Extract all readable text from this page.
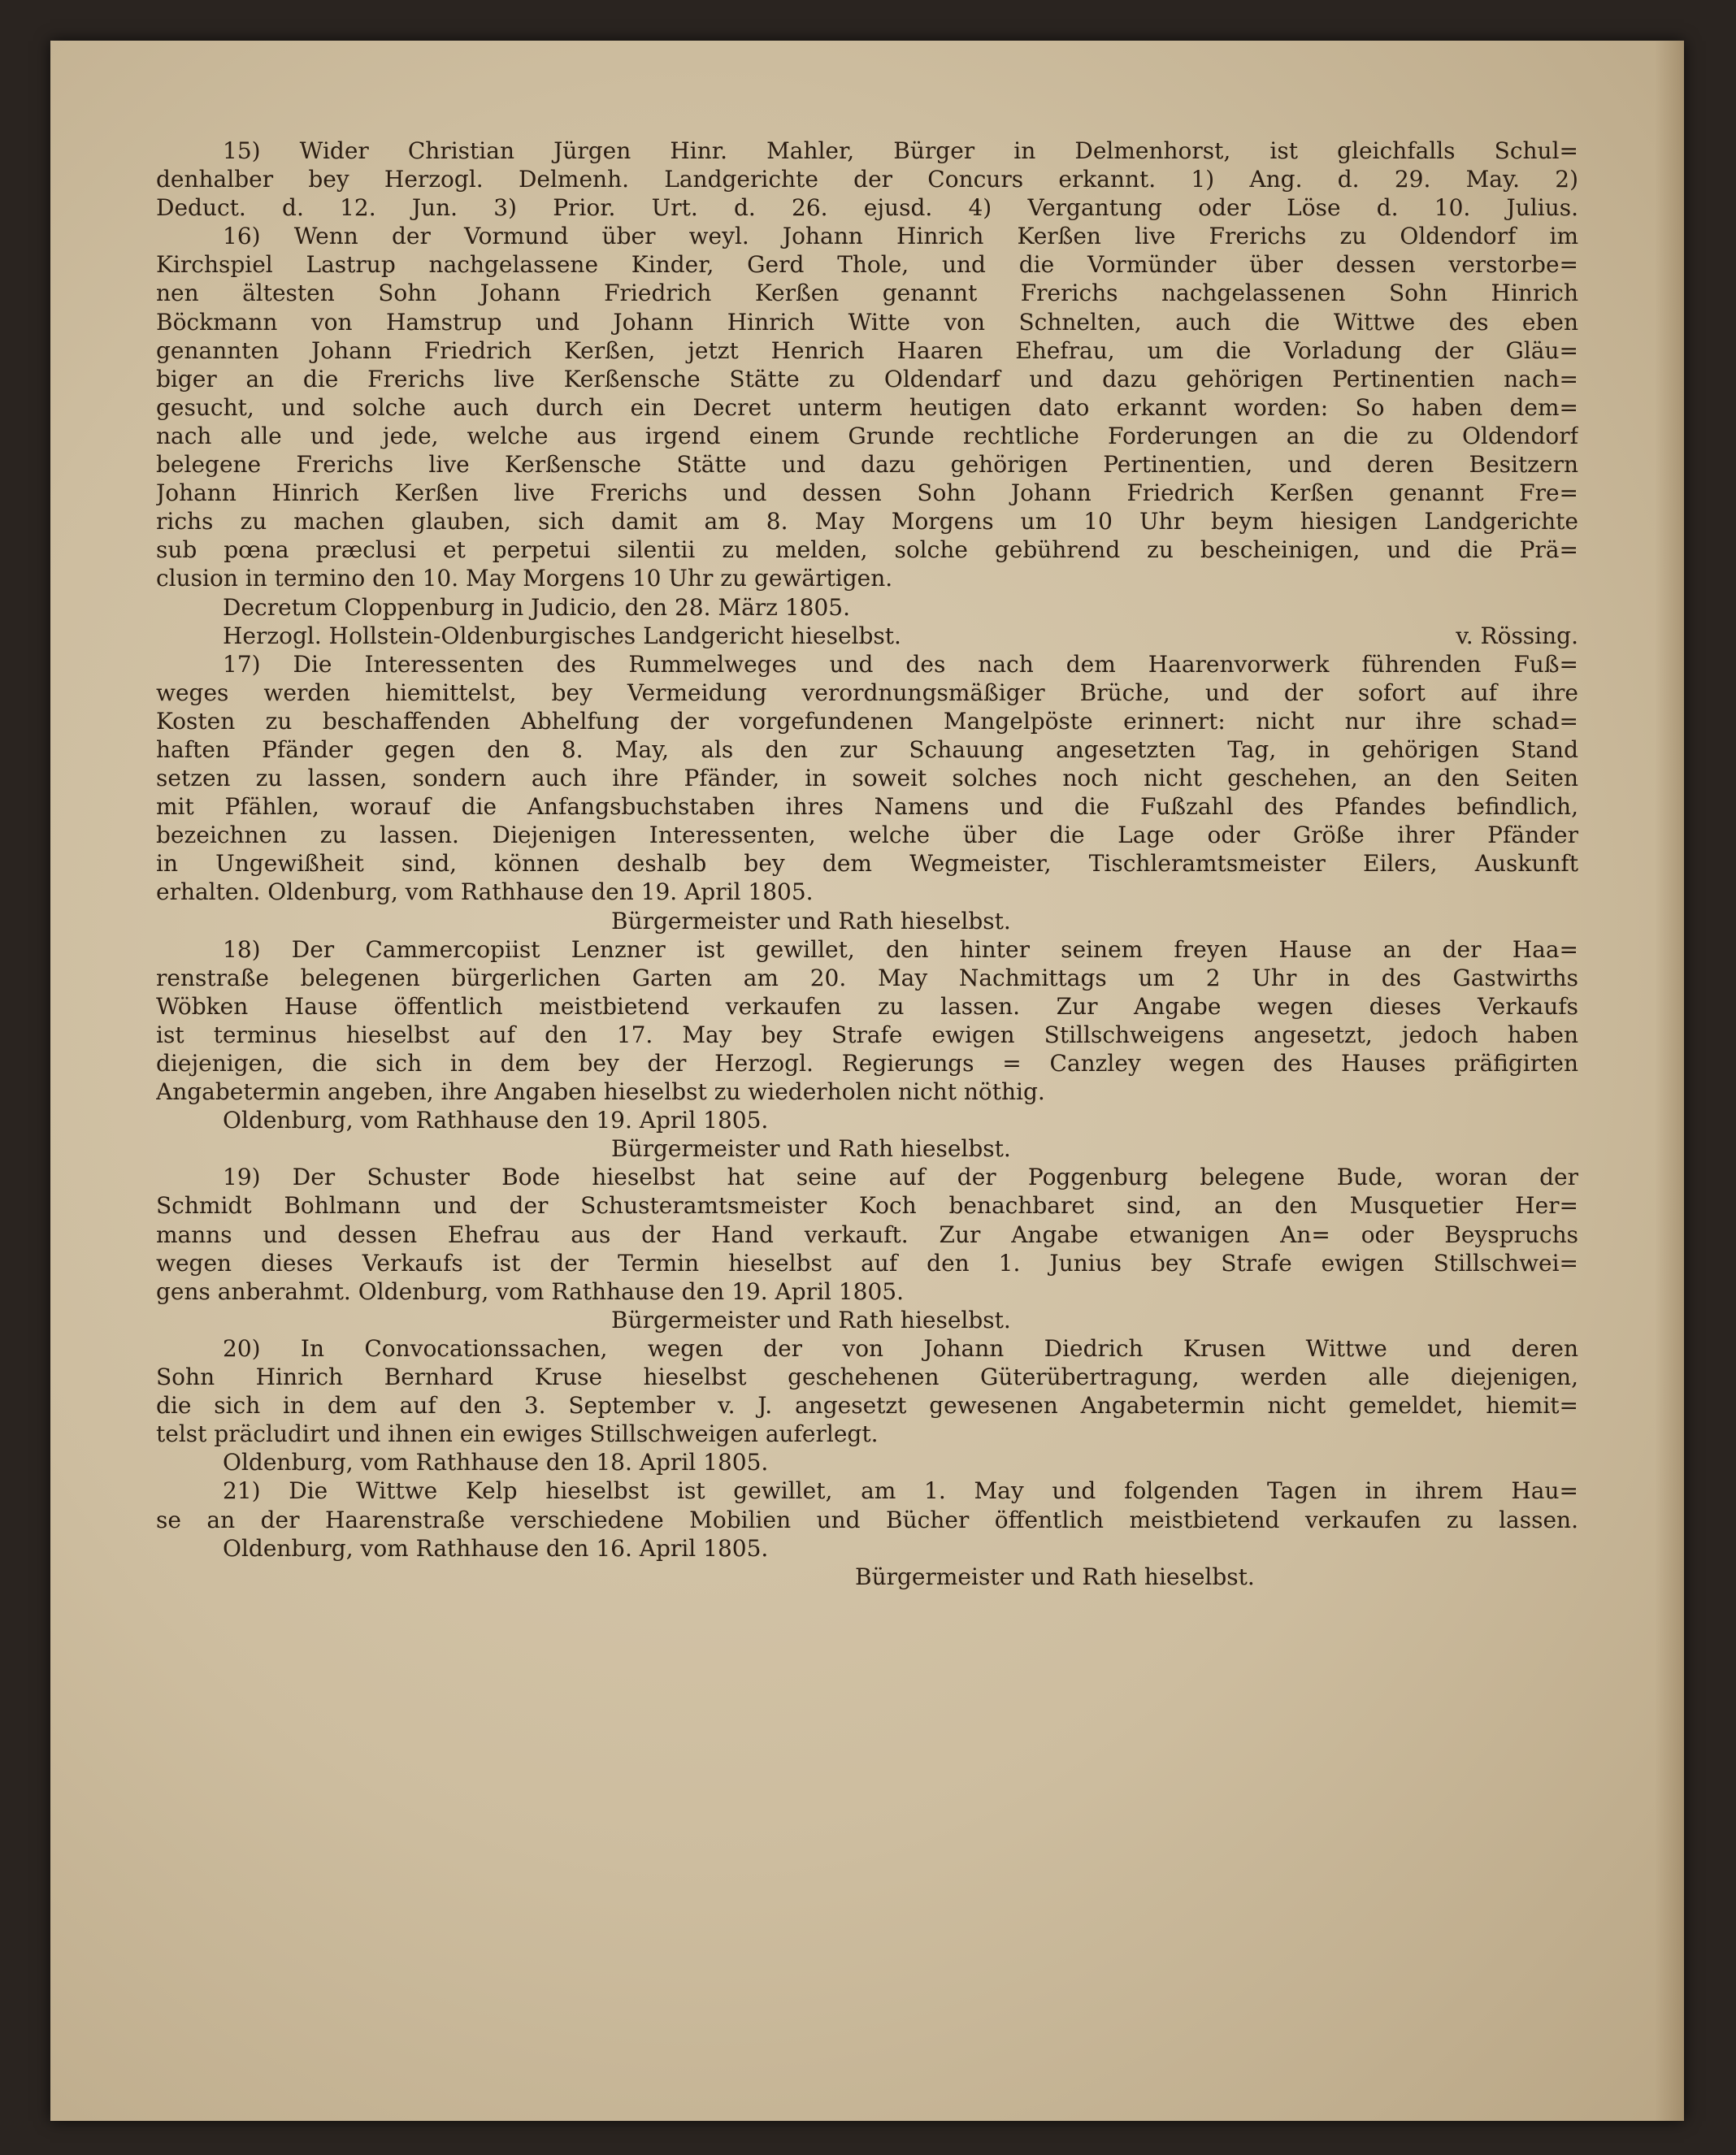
15) Wider Christian Jürgen Hinr. Mahler, Bürger in Delmenhorst, ist gleichfalls Schul=
denhalber bey Herzogl. Delmenh. Landgerichte der Concurs erkannt. 1) Ang. d. 29. May. 2)
Deduct. d. 12. Jun. 3) Prior. Urt. d. 26. ejusd. 4) Vergantung oder Löse d. 10. Julius.
16) Wenn der Vormund über weyl. Johann Hinrich Kerßen live Frerichs zu Oldendorf im
Kirchspiel Lastrup nachgelassene Kinder, Gerd Thole, und die Vormünder über dessen verstorbe=
nen ältesten Sohn Johann Friedrich Kerßen genannt Frerichs nachgelassenen Sohn Hinrich
Böckmann von Hamstrup und Johann Hinrich Witte von Schnelten, auch die Wittwe des eben
genannten Johann Friedrich Kerßen, jetzt Henrich Haaren Ehefrau, um die Vorladung der Gläu=
biger an die Frerichs live Kerßensche Stätte zu Oldendarf und dazu gehörigen Pertinentien nach=
gesucht, und solche auch durch ein Decret unterm heutigen dato erkannt worden: So haben dem=
nach alle und jede, welche aus irgend einem Grunde rechtliche Forderungen an die zu Oldendorf
belegene Frerichs live Kerßensche Stätte und dazu gehörigen Pertinentien, und deren Besitzern
Johann Hinrich Kerßen live Frerichs und dessen Sohn Johann Friedrich Kerßen genannt Fre=
richs zu machen glauben, sich damit am 8. May Morgens um 10 Uhr beym hiesigen Landgerichte
sub pœna præclusi et perpetui silentii zu melden, solche gebührend zu bescheinigen, und die Prä=
clusion in termino den 10. May Morgens 10 Uhr zu gewärtigen.
Decretum Cloppenburg in Judicio, den 28. März 1805.
Herzogl. Hollstein-Oldenburgisches Landgericht hieselbst.	v. Rössing.
17) Die Interessenten des Rummelweges und des nach dem Haarenvorwerk führenden Fuß=
weges werden hiemittelst, bey Vermeidung verordnungsmäßiger Brüche, und der sofort auf ihre
Kosten zu beschaffenden Abhelfung der vorgefundenen Mangelpöste erinnert: nicht nur ihre schad=
haften Pfänder gegen den 8. May, als den zur Schauung angesetzten Tag, in gehörigen Stand
setzen zu lassen, sondern auch ihre Pfänder, in soweit solches noch nicht geschehen, an den Seiten
mit Pfählen, worauf die Anfangsbuchstaben ihres Namens und die Fußzahl des Pfandes befindlich,
bezeichnen zu lassen. Diejenigen Interessenten, welche über die Lage oder Größe ihrer Pfänder
in Ungewißheit sind, können deshalb bey dem Wegmeister, Tischleramtsmeister Eilers, Auskunft
erhalten. Oldenburg, vom Rathhause den 19. April 1805.
Bürgermeister und Rath hieselbst.
18) Der Cammercopiist Lenzner ist gewillet, den hinter seinem freyen Hause an der Haa=
renstraße belegenen bürgerlichen Garten am 20. May Nachmittags um 2 Uhr in des Gastwirths
Wöbken Hause öffentlich meistbietend verkaufen zu lassen. Zur Angabe wegen dieses Verkaufs
ist terminus hieselbst auf den 17. May bey Strafe ewigen Stillschweigens angesetzt, jedoch haben
diejenigen, die sich in dem bey der Herzogl. Regierungs = Canzley wegen des Hauses präfigirten
Angabetermin angeben, ihre Angaben hieselbst zu wiederholen nicht nöthig.
Oldenburg, vom Rathhause den 19. April 1805.
Bürgermeister und Rath hieselbst.
19) Der Schuster Bode hieselbst hat seine auf der Poggenburg belegene Bude, woran der
Schmidt Bohlmann und der Schusteramtsmeister Koch benachbaret sind, an den Musquetier Her=
manns und dessen Ehefrau aus der Hand verkauft. Zur Angabe etwanigen An= oder Beyspruchs
wegen dieses Verkaufs ist der Termin hieselbst auf den 1. Junius bey Strafe ewigen Stillschwei=
gens anberahmt. Oldenburg, vom Rathhause den 19. April 1805.
Bürgermeister und Rath hieselbst.
20) In Convocationssachen, wegen der von Johann Diedrich Krusen Wittwe und deren
Sohn Hinrich Bernhard Kruse hieselbst geschehenen Güterübertragung, werden alle diejenigen,
die sich in dem auf den 3. September v. J. angesetzt gewesenen Angabetermin nicht gemeldet, hiemit=
telst präcludirt und ihnen ein ewiges Stillschweigen auferlegt.
Oldenburg, vom Rathhause den 18. April 1805.
21) Die Wittwe Kelp hieselbst ist gewillet, am 1. May und folgenden Tagen in ihrem Hau=
se an der Haarenstraße verschiedene Mobilien und Bücher öffentlich meistbietend verkaufen zu lassen.
Oldenburg, vom Rathhause den 16. April 1805.
Bürgermeister und Rath hieselbst.
